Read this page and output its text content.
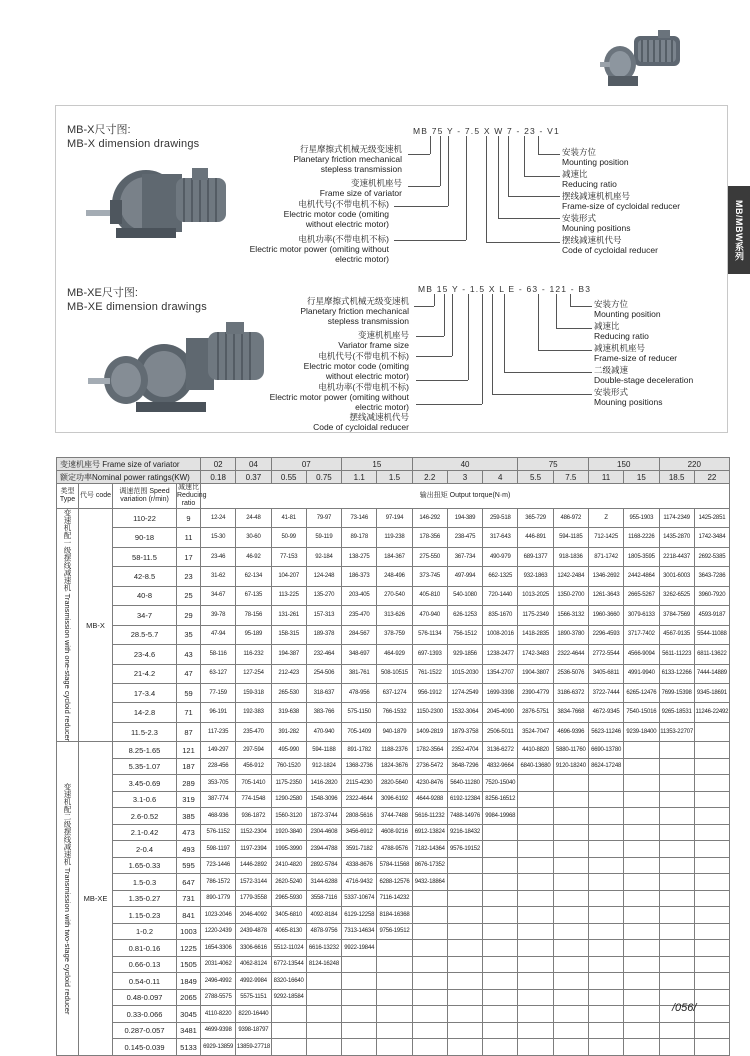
MB/MBW系列
MB-X尺寸图:
MB-X dimension drawings
MB 75 Y - 7.5 X W 7 - 23 - V1
行星摩擦式机械无级变速机
Planetary friction mechanical stepless transmission
变速机机座号
Frame size of variator
电机代号(不带电机不标)
Electric motor code (omiting without electric motor)
电机功率(不带电机不标)
Electric motor power (omiting without electric motor)
安装方位
Mounting position
减速比
Reducing ratio
摆线减速机机座号
Frame-size of cycloidal reducer
安装形式
Mouning positions
摆线减速机代号
Code of cycloidal reducer
MB-XE尺寸图:
MB-XE dimension drawings
MB 15 Y - 1.5 X L E - 63 - 121 - B3
行星摩擦式机械无级变速机
Planetary friction mechanical stepless transmission
变速机机座号
Variator frame size
电机代号(不带电机不标)
Electric motor code (omiting without electric motor)
电机功率(不带电机不标)
Electric motor power (omiting without electric motor)
摆线减速机代号
Code of cycloidal reducer
安装方位
Mounting position
减速比
Reducing ratio
减速机机座号
Frame-size of reducer
二级减速
Double-stage deceleration
安装形式
Mouning positions
变速机座号 Frame size of variator				02	04	07		15		40			75		150		220	
额定功率Nominal power ratings(KW)				0.18	0.37	0.55	0.75	1.1	1.5	2.2	3	4	5.5	7.5	11	15	18.5	22
类型 Type	代号 code	调速范围 Speed variation (r/min)	减速比 Reducing ratio	输出扭矩 Output torque(N·m)														

变速机配一级摆线减速机 Transmission with one-stage cycloid reducer	MB-X	110-22	9	12-24	24-48	41-81	79-97	73-146	97-194	146-292	194-389	259-518	365-729	486-972	Z	955-1903	1174-2349	1425-2851
		90-18	11	15-30	30-60	50-99	59-119	89-178	119-238	178-356	238-475	317-643	446-891	594-1185	712-1425	1168-2226	1435-2870	1742-3484
		58-11.5	17	23-46	46-92	77-153	92-184	138-275	184-367	275-550	367-734	490-979	689-1377	918-1836	871-1742	1805-3595	2218-4437	2692-5385
		42-8.5	23	31-62	62-134	104-207	124-248	186-373	248-496	373-745	497-994	662-1325	932-1863	1242-2484	1346-2692	2442-4864	3001-6003	3643-7286
		40-8	25	34-67	67-135	113-225	135-270	203-405	270-540	405-810	540-1080	720-1440	1013-2025	1350-2700	1261-3643	2665-5267	3262-6525	3960-7920
		34-7	29	39-78	78-156	131-261	157-313	235-470	313-626	470-940	626-1253	835-1670	1175-2349	1566-3132	1960-3660	3079-6133	3784-7569	4593-9187
		28.5-5.7	35	47-94	95-189	158-315	189-378	284-567	378-759	576-1134	756-1512	1008-2016	1418-2835	1890-3780	2296-4593	3717-7402	4567-9135	5544-11088
		23-4.6	43	58-116	116-232	194-387	232-464	348-697	464-929	697-1393	929-1856	1238-2477	1742-3483	2322-4644	2772-5544	4566-9094	5611-11223	6811-13622
		21-4.2	47	63-127	127-254	212-423	254-506	381-761	508-10515	761-1522	1015-2030	1354-2707	1904-3807	2536-5076	3405-6811	4991-9940	6133-12266	7444-14889
		17-3.4	59	77-159	159-318	265-530	318-637	478-956	637-1274	956-1912	1274-2549	1699-3398	2390-4779	3186-6372	3722-7444	6265-12476	7699-15398	9345-18691
		14-2.8	71	96-191	192-383	319-638	383-766	575-1150	766-1532	1150-2300	1532-3064	2045-4090	2876-5751	3834-7668	4672-9345	7540-15016	9265-18531	11246-22492
		11.5-2.3	87	117-235	235-470	391-282	470-940	705-1409	940-1879	1409-2819	1879-3758	2506-5011	3524-7047	4696-9396	5623-11246	9239-18400	11353-22707	

变速机配二级摆线减速机 Transmission with two-stage cycloid reducer	MB-XE	8.25-1.65	121	149-297	297-594	495-990	594-1188	891-1782	1188-2376	1782-3564	2352-4704	3136-6272	4410-8820	5880-11760	6690-13780			
		5.35-1.07	187	228-456	456-912	760-1520	912-1824	1368-2736	1824-3676	2736-5472	3648-7296	4832-9664	6840-13680	9120-18240	8624-17248			
		3.45-0.69	289	353-705	705-1410	1175-2350	1416-2820	2115-4230	2820-5640	4230-8476	5640-11280	7520-15040						
		3.1-0.6	319	387-774	774-1548	1290-2580	1548-3096	2322-4644	3096-6192	4644-9288	6192-12384	8256-16512						
		2.6-0.52	385	468-936	936-1872	1560-3120	1872-3744	2808-5616	3744-7488	5616-11232	7488-14976	9984-19968						
		2.1-0.42	473	576-1152	1152-2304	1920-3840	2304-4608	3456-6912	4608-9216	6912-13824	9216-18432							
		2-0.4	493	598-1197	1197-2394	1995-3990	2394-4788	3591-7182	4788-9576	7182-14364	9576-19152							
		1.65-0.33	595	723-1446	1446-2892	2410-4820	2892-5784	4338-8676	5784-11568	8676-17352								
		1.5-0.3	647	786-1572	1572-3144	2620-5240	3144-6288	4716-9432	6288-12576	9432-18864								
		1.35-0.27	731	890-1779	1779-3558	2965-5930	3558-7116	5337-10674	7116-14232									
		1.15-0.23	841	1023-2046	2046-4092	3405-6810	4092-8184	6129-12258	8184-16368									
		1-0.2	1003	1220-2439	2439-4878	4065-8130	4878-9756	7313-14634	9756-19512									
		0.81-0.16	1225	1654-3306	3306-6616	5512-11024	6616-13232	9922-19844										
		0.66-0.13	1505	2031-4062	4062-8124	6772-13544	8124-16248											
		0.54-0.11	1849	2496-4992	4992-9984	8320-16640												
		0.48-0.097	2065	2788-5575	5575-1151	9292-18584												
		0.33-0.066	3045	4110-8220	8220-16440													
		0.287-0.057	3481	4699-9398	9398-18797													
		0.145-0.039	5133	6929-13859	13859-27718													
/056/
